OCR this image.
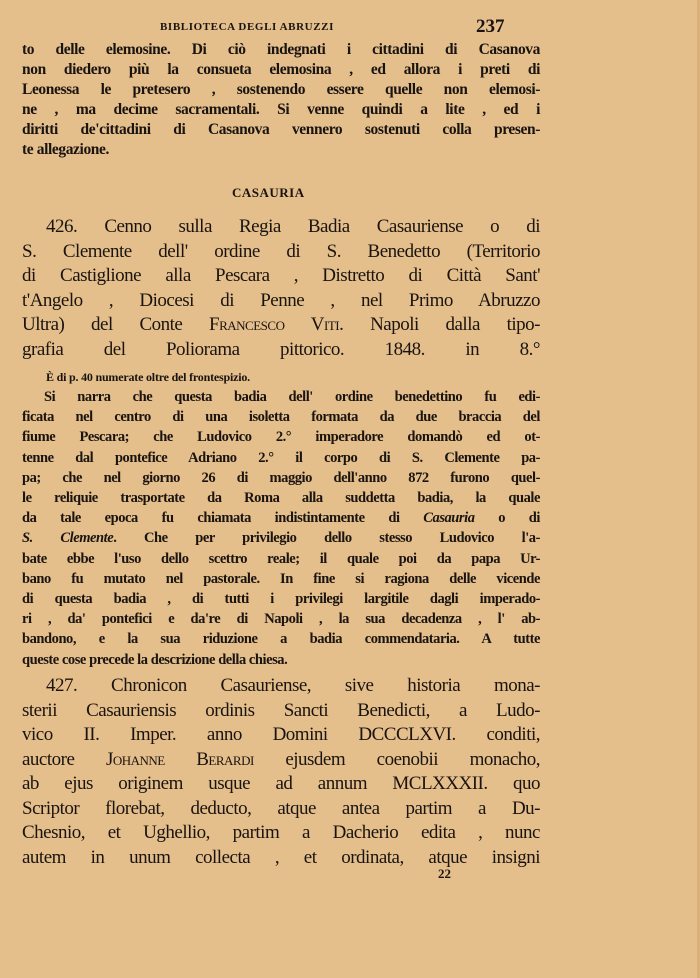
BIBLIOTECA DEGLI ABRUZZI	237
to delle elemosine. Di ciò indegnati i cittadini di Casanova
non diedero più la consueta elemosina , ed allora i preti di
Leonessa le pretesero , sostenendo essere quelle non elemosi-
ne , ma decime sacramentali. Si venne quindi a lite , ed i
diritti de'cittadini di Casanova vennero sostenuti colla presen-
te allegazione.
CASAURIA
426. Cenno sulla Regia Badia Casauriense o di
S. Clemente dell' ordine di S. Benedetto (Territorio
di Castiglione alla Pescara , Distretto di Città Sant'
t'Angelo , Diocesi di Penne , nel Primo Abruzzo
Ultra) del Conte Francesco Viti. Napoli dalla tipo-
grafia del Poliorama pittorico. 1848. in 8.°
È di p. 40 numerate oltre del frontespizio.
Si narra che questa badia dell' ordine benedettino fu edi-
ficata nel centro di una isoletta formata da due braccia del
fiume Pescara; che Ludovico 2.° imperadore domandò ed ot-
tenne dal pontefice Adriano 2.° il corpo di S. Clemente pa-
pa; che nel giorno 26 di maggio dell'anno 872 furono quel-
le reliquie trasportate da Roma alla suddetta badia, la quale
da tale epoca fu chiamata indistintamente di Casauria o di
S. Clemente. Che per privilegio dello stesso Ludovico l'a-
bate ebbe l'uso dello scettro reale; il quale poi da papa Ur-
bano fu mutato nel pastorale. In fine si ragiona delle vicende
di questa badia , di tutti i privilegi largitile dagli imperado-
ri , da' pontefici e da're di Napoli , la sua decadenza , l' ab-
bandono, e la sua riduzione a badia commendataria. A tutte
queste cose precede la descrizione della chiesa.
427. Chronicon Casauriense, sive historia mona-
sterii Casauriensis ordinis Sancti Benedicti, a Ludo-
vico II. Imper. anno Domini DCCCLXVI. conditi,
auctore Johanne Berardi ejusdem coenobii monacho,
ab ejus originem usque ad annum MCLXXXII. quo
Scriptor florebat, deducto, atque antea partim a Du-
Chesnio, et Ughellio, partim a Dacherio edita , nunc
autem in unum collecta , et ordinata, atque insigni
22
